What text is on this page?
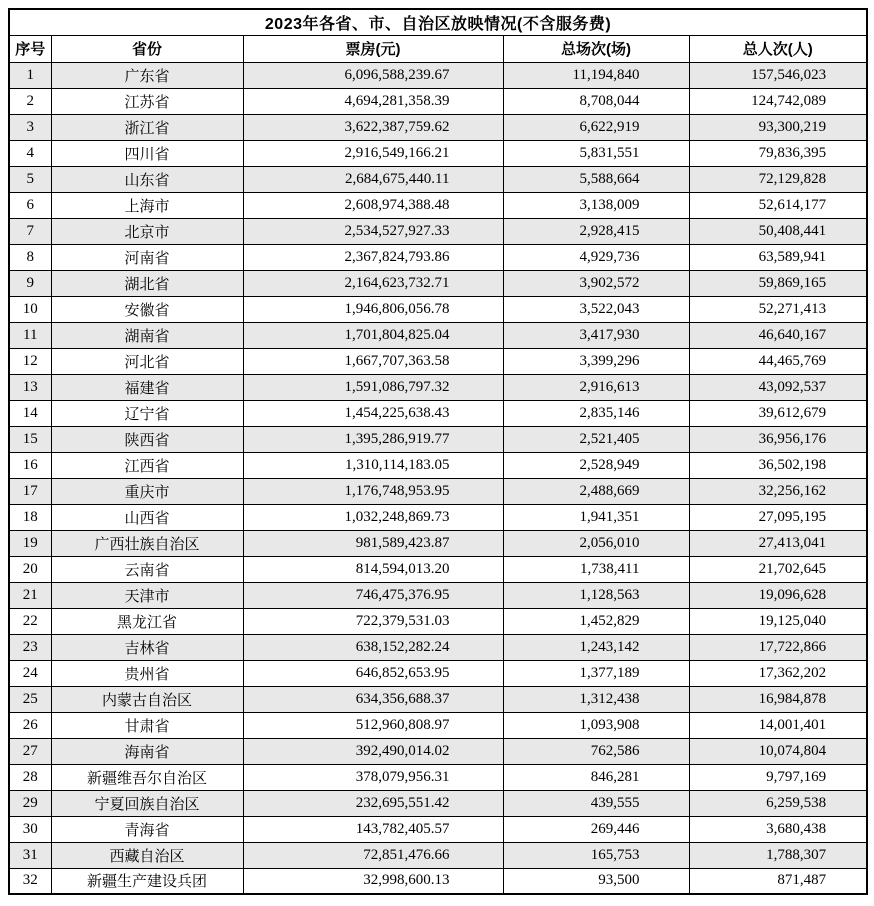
2023年各省、市、自治区放映情况(不含服务费)				
序号	省份	票房(元)	总场次(场)	总人次(人)
1	广东省	6,096,588,239.67	11,194,840	157,546,023
2	江苏省	4,694,281,358.39	8,708,044	124,742,089
3	浙江省	3,622,387,759.62	6,622,919	93,300,219
4	四川省	2,916,549,166.21	5,831,551	79,836,395
5	山东省	2,684,675,440.11	5,588,664	72,129,828
6	上海市	2,608,974,388.48	3,138,009	52,614,177
7	北京市	2,534,527,927.33	2,928,415	50,408,441
8	河南省	2,367,824,793.86	4,929,736	63,589,941
9	湖北省	2,164,623,732.71	3,902,572	59,869,165
10	安徽省	1,946,806,056.78	3,522,043	52,271,413
11	湖南省	1,701,804,825.04	3,417,930	46,640,167
12	河北省	1,667,707,363.58	3,399,296	44,465,769
13	福建省	1,591,086,797.32	2,916,613	43,092,537
14	辽宁省	1,454,225,638.43	2,835,146	39,612,679
15	陕西省	1,395,286,919.77	2,521,405	36,956,176
16	江西省	1,310,114,183.05	2,528,949	36,502,198
17	重庆市	1,176,748,953.95	2,488,669	32,256,162
18	山西省	1,032,248,869.73	1,941,351	27,095,195
19	广西壮族自治区	981,589,423.87	2,056,010	27,413,041
20	云南省	814,594,013.20	1,738,411	21,702,645
21	天津市	746,475,376.95	1,128,563	19,096,628
22	黑龙江省	722,379,531.03	1,452,829	19,125,040
23	吉林省	638,152,282.24	1,243,142	17,722,866
24	贵州省	646,852,653.95	1,377,189	17,362,202
25	内蒙古自治区	634,356,688.37	1,312,438	16,984,878
26	甘肃省	512,960,808.97	1,093,908	14,001,401
27	海南省	392,490,014.02	762,586	10,074,804
28	新疆维吾尔自治区	378,079,956.31	846,281	9,797,169
29	宁夏回族自治区	232,695,551.42	439,555	6,259,538
30	青海省	143,782,405.57	269,446	3,680,438
31	西藏自治区	72,851,476.66	165,753	1,788,307
32	新疆生产建设兵团	32,998,600.13	93,500	871,487
